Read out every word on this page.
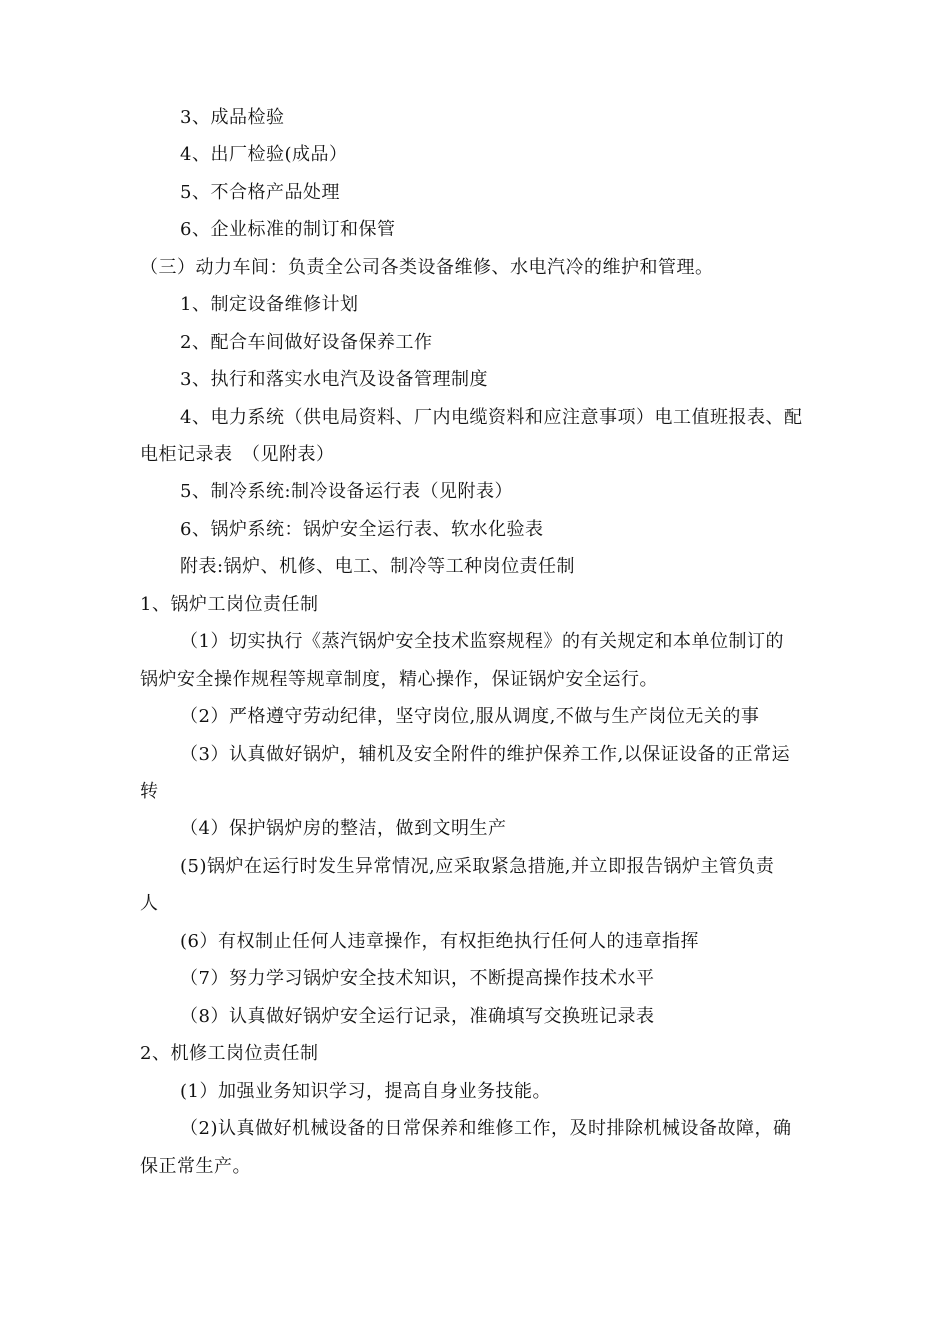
3、成品检验
4、出厂检验(成品）
5、不合格产品处理
6、企业标准的制订和保管
（三）动力车间：负责全公司各类设备维修、水电汽冷的维护和管理。
1、制定设备维修计划
2、配合车间做好设备保养工作
3、执行和落实水电汽及设备管理制度
4、电力系统（供电局资料、厂内电缆资料和应注意事项）电工值班报表、配
电柜记录表　（见附表）
5、制冷系统:制冷设备运行表（见附表）
6、锅炉系统：锅炉安全运行表、软水化验表
附表:锅炉、机修、电工、制冷等工种岗位责任制
1、锅炉工岗位责任制
（1）切实执行《蒸汽锅炉安全技术监察规程》的有关规定和本单位制订的
锅炉安全操作规程等规章制度，精心操作，保证锅炉安全运行。
（2）严格遵守劳动纪律，坚守岗位,服从调度,不做与生产岗位无关的事
（3）认真做好锅炉，辅机及安全附件的维护保养工作,以保证设备的正常运
转
（4）保护锅炉房的整洁，做到文明生产
(5)锅炉在运行时发生异常情况,应采取紧急措施,并立即报告锅炉主管负责
人
(6）有权制止任何人违章操作，有权拒绝执行任何人的违章指挥
（7）努力学习锅炉安全技术知识，不断提高操作技术水平
（8）认真做好锅炉安全运行记录，准确填写交换班记录表
2、机修工岗位责任制
(1）加强业务知识学习，提高自身业务技能。
（2)认真做好机械设备的日常保养和维修工作，及时排除机械设备故障，确
保正常生产。
